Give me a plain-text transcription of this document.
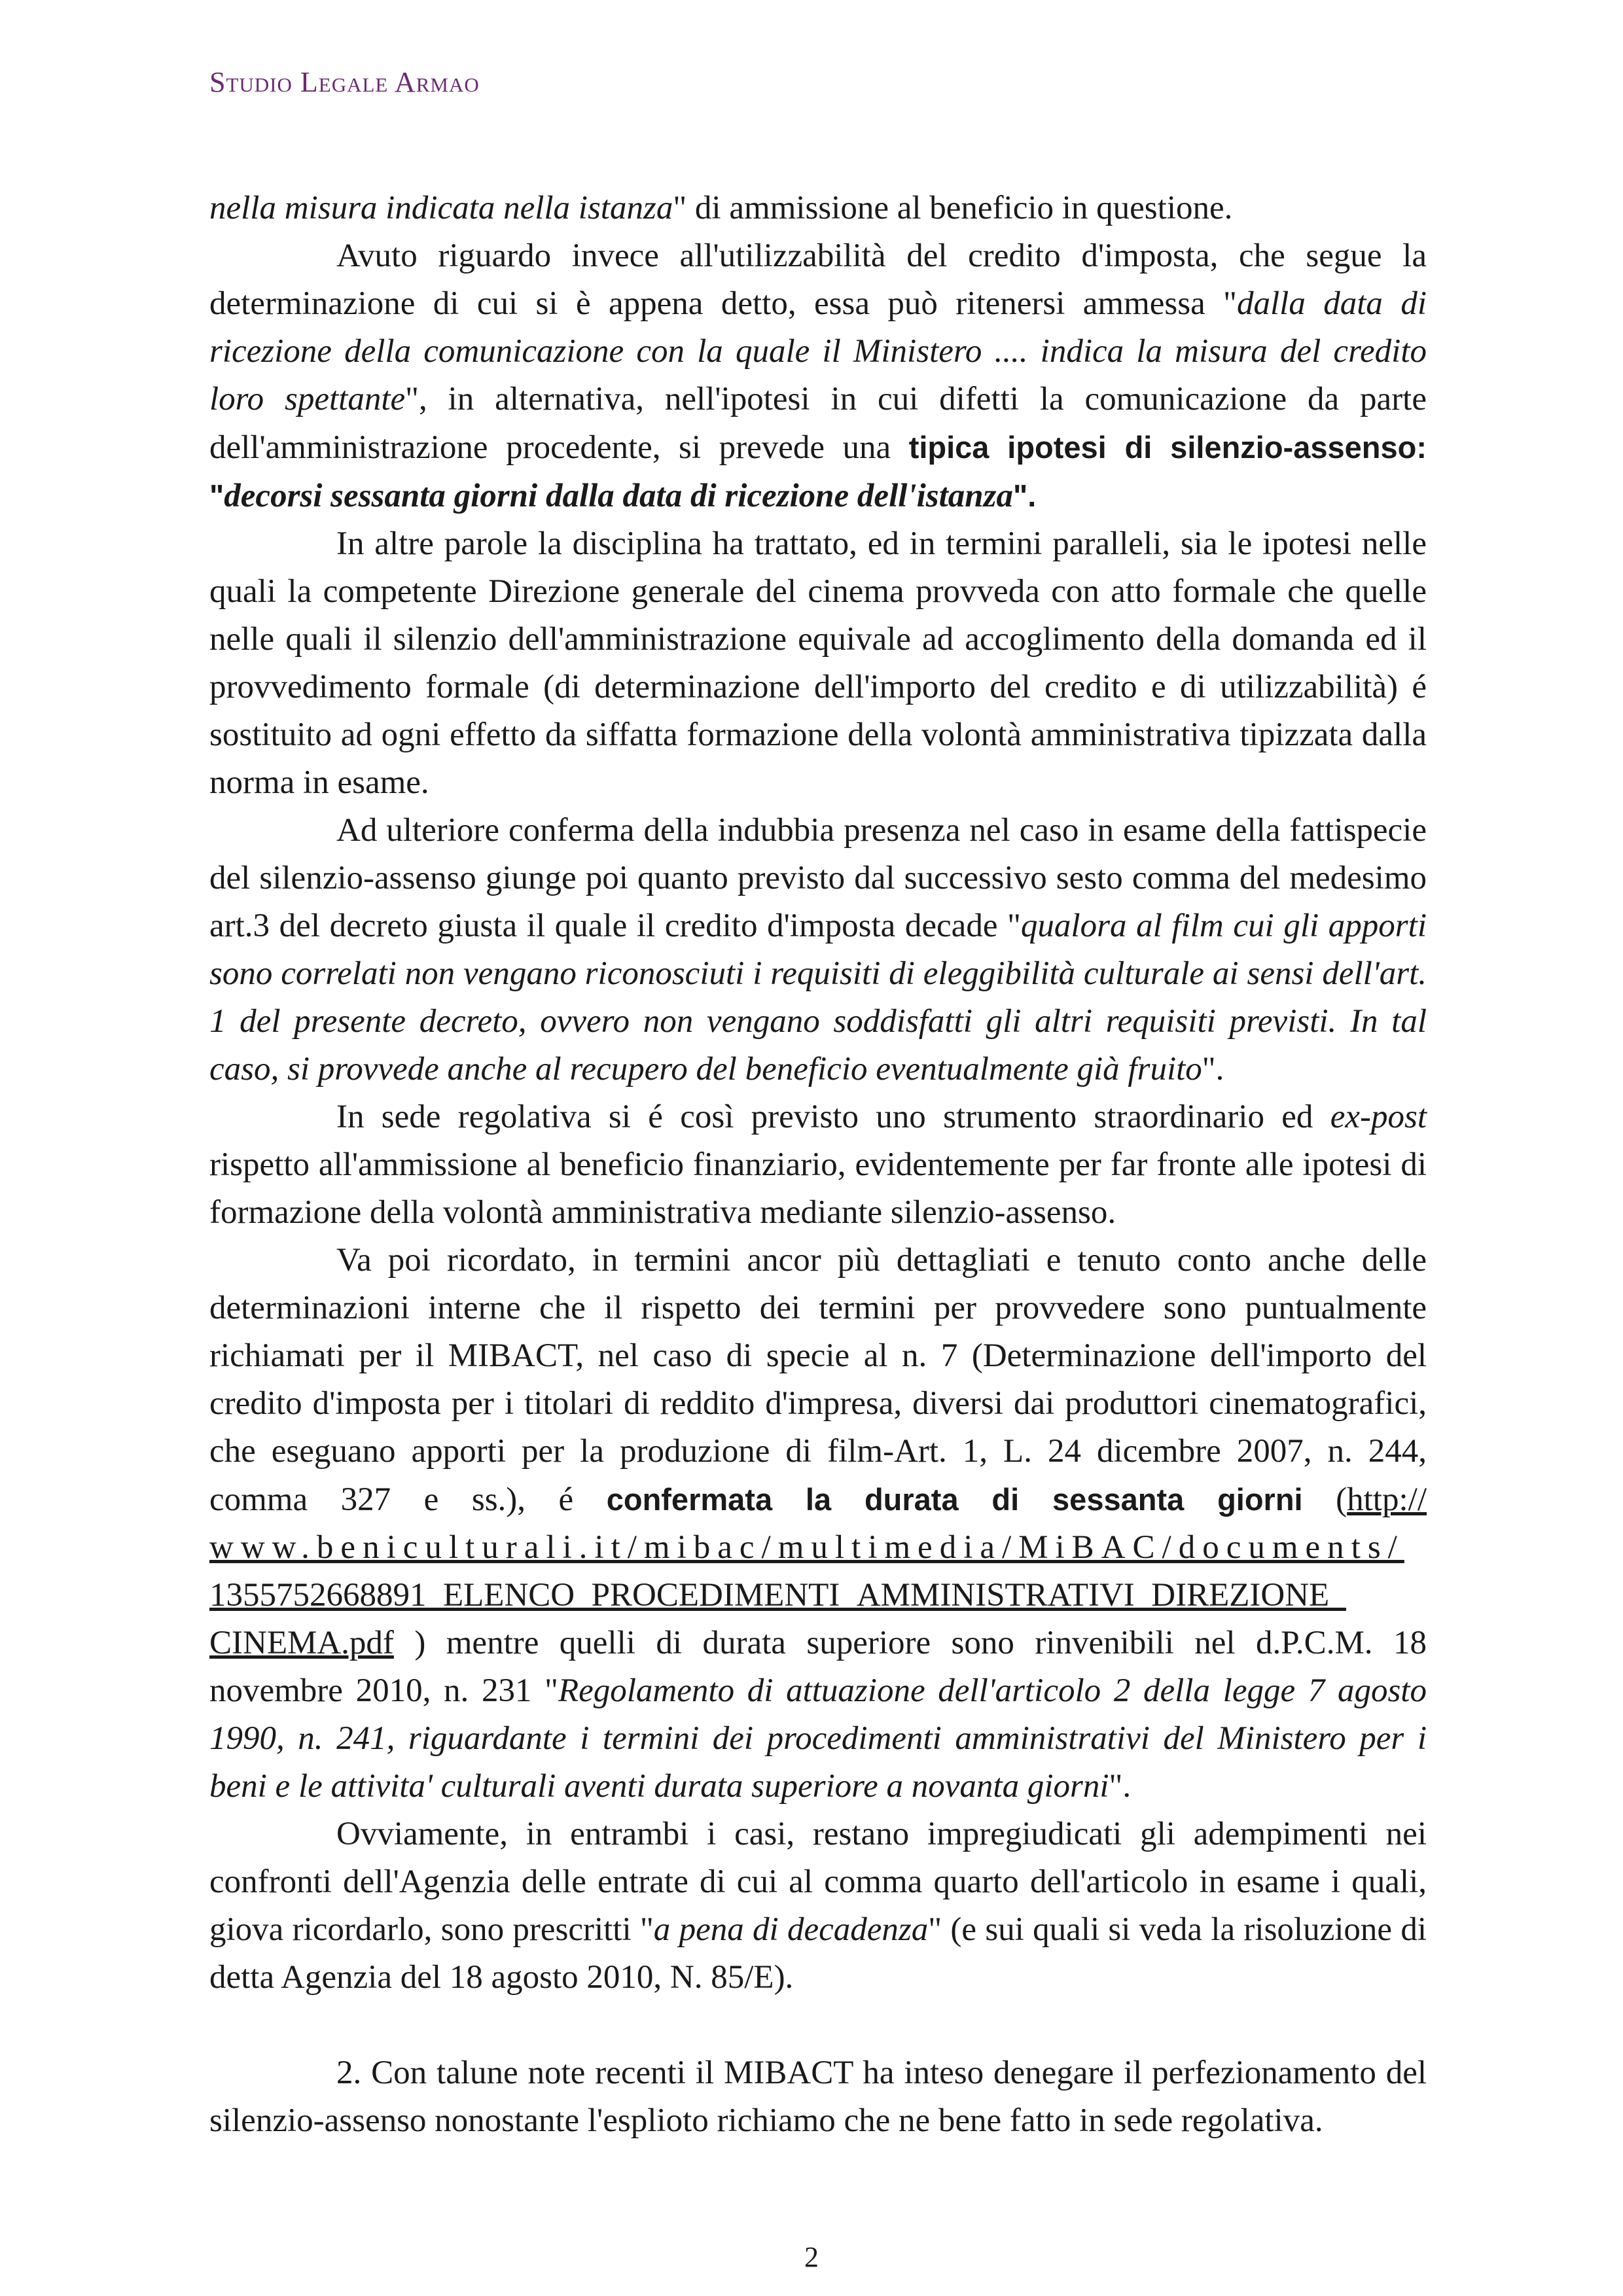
Studio Legale Armao

nella misura indicata nella istanza" di ammissione al beneficio in questione.

Avuto riguardo invece all'utilizzabilità del credito d'imposta, che segue la determinazione di cui si è appena detto, essa può ritenersi ammessa "dalla data di ricezione della comunicazione con la quale il Ministero .... indica la misura del credito loro spettante", in alternativa, nell'ipotesi in cui difetti la comunicazione da parte dell'amministrazione procedente, si prevede una tipica ipotesi di silenzio-assenso: "decorsi sessanta giorni dalla data di ricezione dell'istanza".

In altre parole la disciplina ha trattato, ed in termini paralleli, sia le ipotesi nelle quali la competente Direzione generale del cinema provveda con atto formale che quelle nelle quali il silenzio dell'amministrazione equivale ad accoglimento della domanda ed il provvedimento formale (di determinazione dell'importo del credito e di utilizzabilità) é sostituito ad ogni effetto da siffatta formazione della volontà amministrativa tipizzata dalla norma in esame.

Ad ulteriore conferma della indubbia presenza nel caso in esame della fattispecie del silenzio-assenso giunge poi quanto previsto dal successivo sesto comma del medesimo art.3 del decreto giusta il quale il credito d'imposta decade "qualora al film cui gli apporti sono correlati non vengano riconosciuti i requisiti di eleggibilità culturale ai sensi dell'art. 1 del presente decreto, ovvero non vengano soddisfatti gli altri requisiti previsti. In tal caso, si provvede anche al recupero del beneficio eventualmente già fruito".

In sede regolativa si é così previsto uno strumento straordinario ed ex-post rispetto all'ammissione al beneficio finanziario, evidentemente per far fronte alle ipotesi di formazione della volontà amministrativa mediante silenzio-assenso.

Va poi ricordato, in termini ancor più dettagliati e tenuto conto anche delle determinazioni interne che il rispetto dei termini per provvedere sono puntualmente richiamati per il MIBACT, nel caso di specie al n. 7 (Determinazione dell'importo del credito d'imposta per i titolari di reddito d'impresa, diversi dai produttori cinematografici, che eseguano apporti per la produzione di film-Art. 1, L. 24 dicembre 2007, n. 244, comma 327 e ss.), é confermata la durata di sessanta giorni (http:// www.beniculturali.it/mibac/multimedia/MiBAC/documents/ 1355752668891_ELENCO_PROCEDIMENTI_AMMINISTRATIVI_DIREZIONE_ CINEMA.pdf ) mentre quelli di durata superiore sono rinvenibili nel d.P.C.M. 18 novembre 2010, n. 231 "Regolamento di attuazione dell'articolo 2 della legge 7 agosto 1990, n. 241, riguardante i termini dei procedimenti amministrativi del Ministero per i beni e le attivita' culturali aventi durata superiore a novanta giorni".

Ovviamente, in entrambi i casi, restano impregiudicati gli adempimenti nei confronti dell'Agenzia delle entrate di cui al comma quarto dell'articolo in esame i quali, giova ricordarlo, sono prescritti "a pena di decadenza" (e sui quali si veda la risoluzione di detta Agenzia del 18 agosto 2010, N. 85/E).

2. Con talune note recenti il MIBACT ha inteso denegare il perfezionamento del silenzio-assenso nonostante l'esplioto richiamo che ne bene fatto in sede regolativa.

2
